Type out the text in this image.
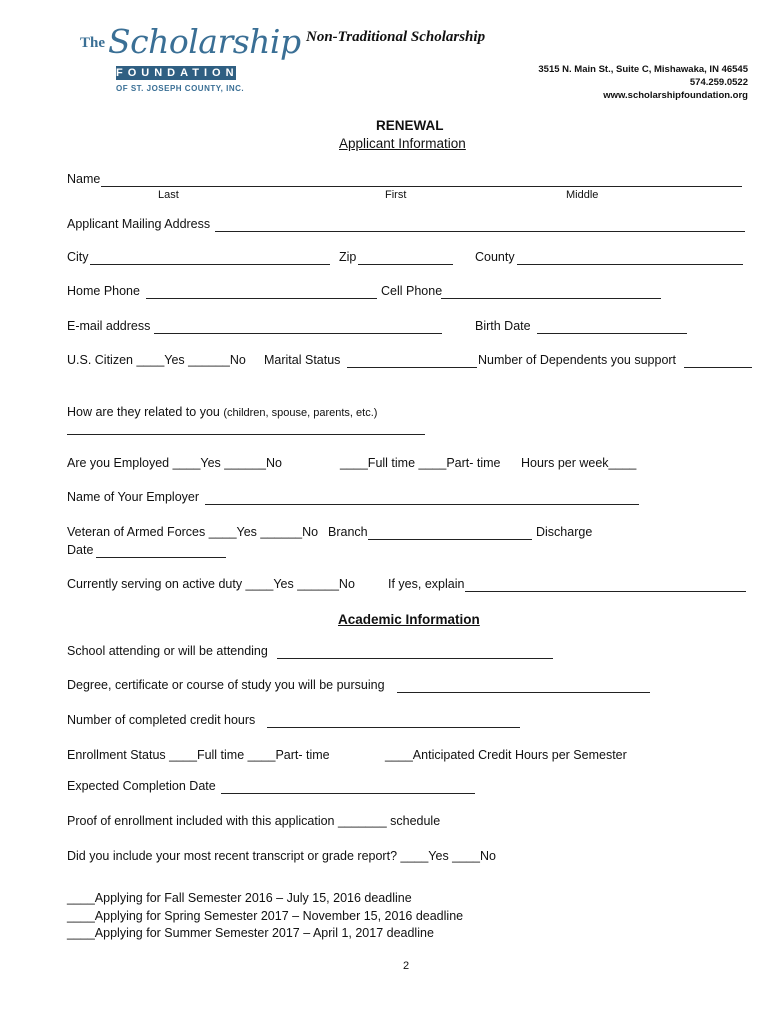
The Scholarship
FOUNDATION
OF ST. JOSEPH COUNTY, INC.
Non-Traditional Scholarship
3515 N. Main St., Suite C, Mishawaka, IN 46545
574.259.0522
www.scholarshipfoundation.org
RENEWAL
Applicant Information
Name
Last	First	Middle
Applicant Mailing Address
City	Zip	County
Home Phone	Cell Phone
E-mail address	Birth Date
U.S. Citizen ____Yes ______No Marital Status	Number of Dependents you support
How are they related to you (children, spouse, parents, etc.)
Are you Employed ____Yes ______No	____Full time ____Part- time Hours per week____
Name of Your Employer
Veteran of Armed Forces ____Yes ______No Branch	Discharge
Date
Currently serving on active duty ____Yes ______No	If yes, explain
Academic Information
School attending or will be attending
Degree, certificate or course of study you will be pursuing
Number of completed credit hours
Enrollment Status ____Full time ____Part- time	____Anticipated Credit Hours per Semester
Expected Completion Date
Proof of enrollment included with this application _______ schedule
Did you include your most recent transcript or grade report? ____Yes ____No
____Applying for Fall Semester 2016 – July 15, 2016 deadline
____Applying for Spring Semester 2017 – November 15, 2016 deadline
____Applying for Summer Semester 2017 – April 1, 2017 deadline
2
